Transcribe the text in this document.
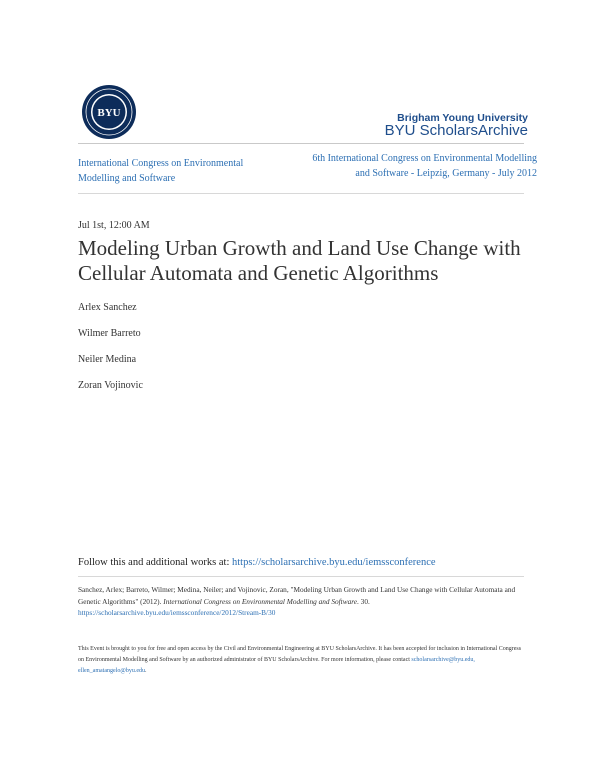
BYU	Brigham Young University
BYU ScholarsArchive
International Congress on Environmental Modelling and Software
6th International Congress on Environmental Modelling and Software - Leipzig, Germany - July 2012
Jul 1st, 12:00 AM
Modeling Urban Growth and Land Use Change with Cellular Automata and Genetic Algorithms
Arlex Sanchez
Wilmer Barreto
Neiler Medina
Zoran Vojinovic
Follow this and additional works at: https://scholarsarchive.byu.edu/iemssconference
Sanchez, Arlex; Barreto, Wilmer; Medina, Neiler; and Vojinovic, Zoran, "Modeling Urban Growth and Land Use Change with Cellular Automata and Genetic Algorithms" (2012). International Congress on Environmental Modelling and Software. 30.
https://scholarsarchive.byu.edu/iemssconference/2012/Stream-B/30
This Event is brought to you for free and open access by the Civil and Environmental Engineering at BYU ScholarsArchive. It has been accepted for inclusion in International Congress on Environmental Modelling and Software by an authorized administrator of BYU ScholarsArchive. For more information, please contact scholarsarchive@byu.edu, ellen_amatangelo@byu.edu.
